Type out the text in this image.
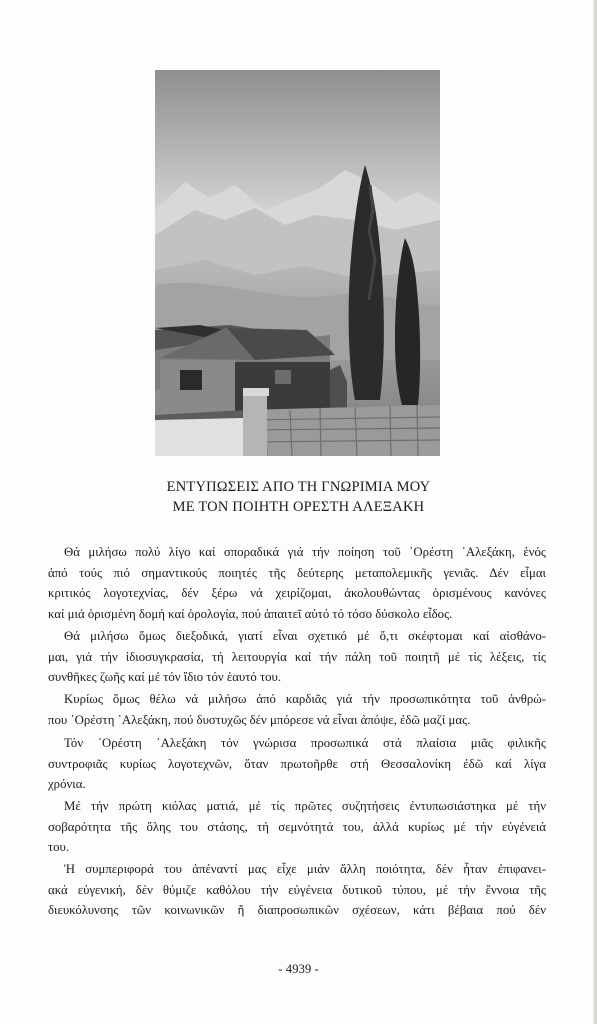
ΕΝΤΥΠΩΣΕΙΣ ΑΠΟ ΤΗ ΓΝΩΡΙΜΙΑ ΜΟΥ
ΜΕ ΤΟΝ ΠΟΙΗΤΗ ΟΡΕΣΤΗ ΑΛΕΞΑΚΗ

Θά μιλήσω πολύ λίγο καί σποραδικά γιά τήν ποίηση τοῦ ᾿Ορέστη ᾿Αλεξάκη, ἑνός
ἀπό τούς πιό σημαντικούς ποιητές τῆς δεύτερης μεταπολεμικῆς γενιᾶς. Δέν εἶμαι
κριτικός λογοτεχνίας, δέν ξέρω νά χειρίζομαι, ἀκολουθώντας ὁρισμένους κανόνες
καί μιά ὁρισμένη δομή καί ὁρολογία, πού ἀπαιτεῖ αὐτό τό τόσο δύσκολο εἶδος.

Θά μιλήσω ὅμως διεξοδικά, γιατί εἶναι σχετικό μέ ὅ,τι σκέφτομαι καί αἰσθάνο-
μαι, γιά τήν ἰδιοσυγκρασία, τή λειτουργία καί τήν πάλη τοῦ ποιητῆ μέ τίς λέξεις, τίς
συνθῆκες ζωῆς καί μέ τόν ἴδιο τόν ἑαυτό του.

Κυρίως ὅμως θέλω νά μιλήσω ἀπό καρδιᾶς γιά τήν προσωπικότητα τοῦ ἀνθρώ-
που ᾿Ορέστη ᾿Αλεξάκη, πού δυστυχῶς δέν μπόρεσε νά εἶναι ἀπόψε, ἐδῶ μαζί μας.

Τόν ᾿Ορέστη ᾿Αλεξάκη τόν γνώρισα προσωπικά στά πλαίσια μιᾶς φιλικῆς
συντροφιᾶς κυρίως λογοτεχνῶν, ὅταν πρωτοῆρθε στή Θεσσαλονίκη ἐδῶ καί λίγα
χρόνια.

Μέ τήν πρώτη κιόλας ματιά, μέ τίς πρῶτες συζητήσεις ἐντυπωσιάστηκα μέ τήν
σοβαρότητα τῆς ὅλης του στάσης, τή σεμνότητά του, ἀλλά κυρίως μέ τήν εὐγένειά
του.

Ἡ συμπεριφορά του ἀπέναντί μας εἶχε μιάν ἄλλη ποιότητα, δέν ἦταν ἐπιφανει-
ακά εὐγενική, δέν θύμιζε καθόλου τήν εὐγένεια δυτικοῦ τύπου, μέ τήν ἔννοια τῆς
διευκόλυνσης τῶν κοινωνικῶν ἤ διαπροσωπικῶν σχέσεων, κάτι βέβαια πού δέν

- 4939 -
